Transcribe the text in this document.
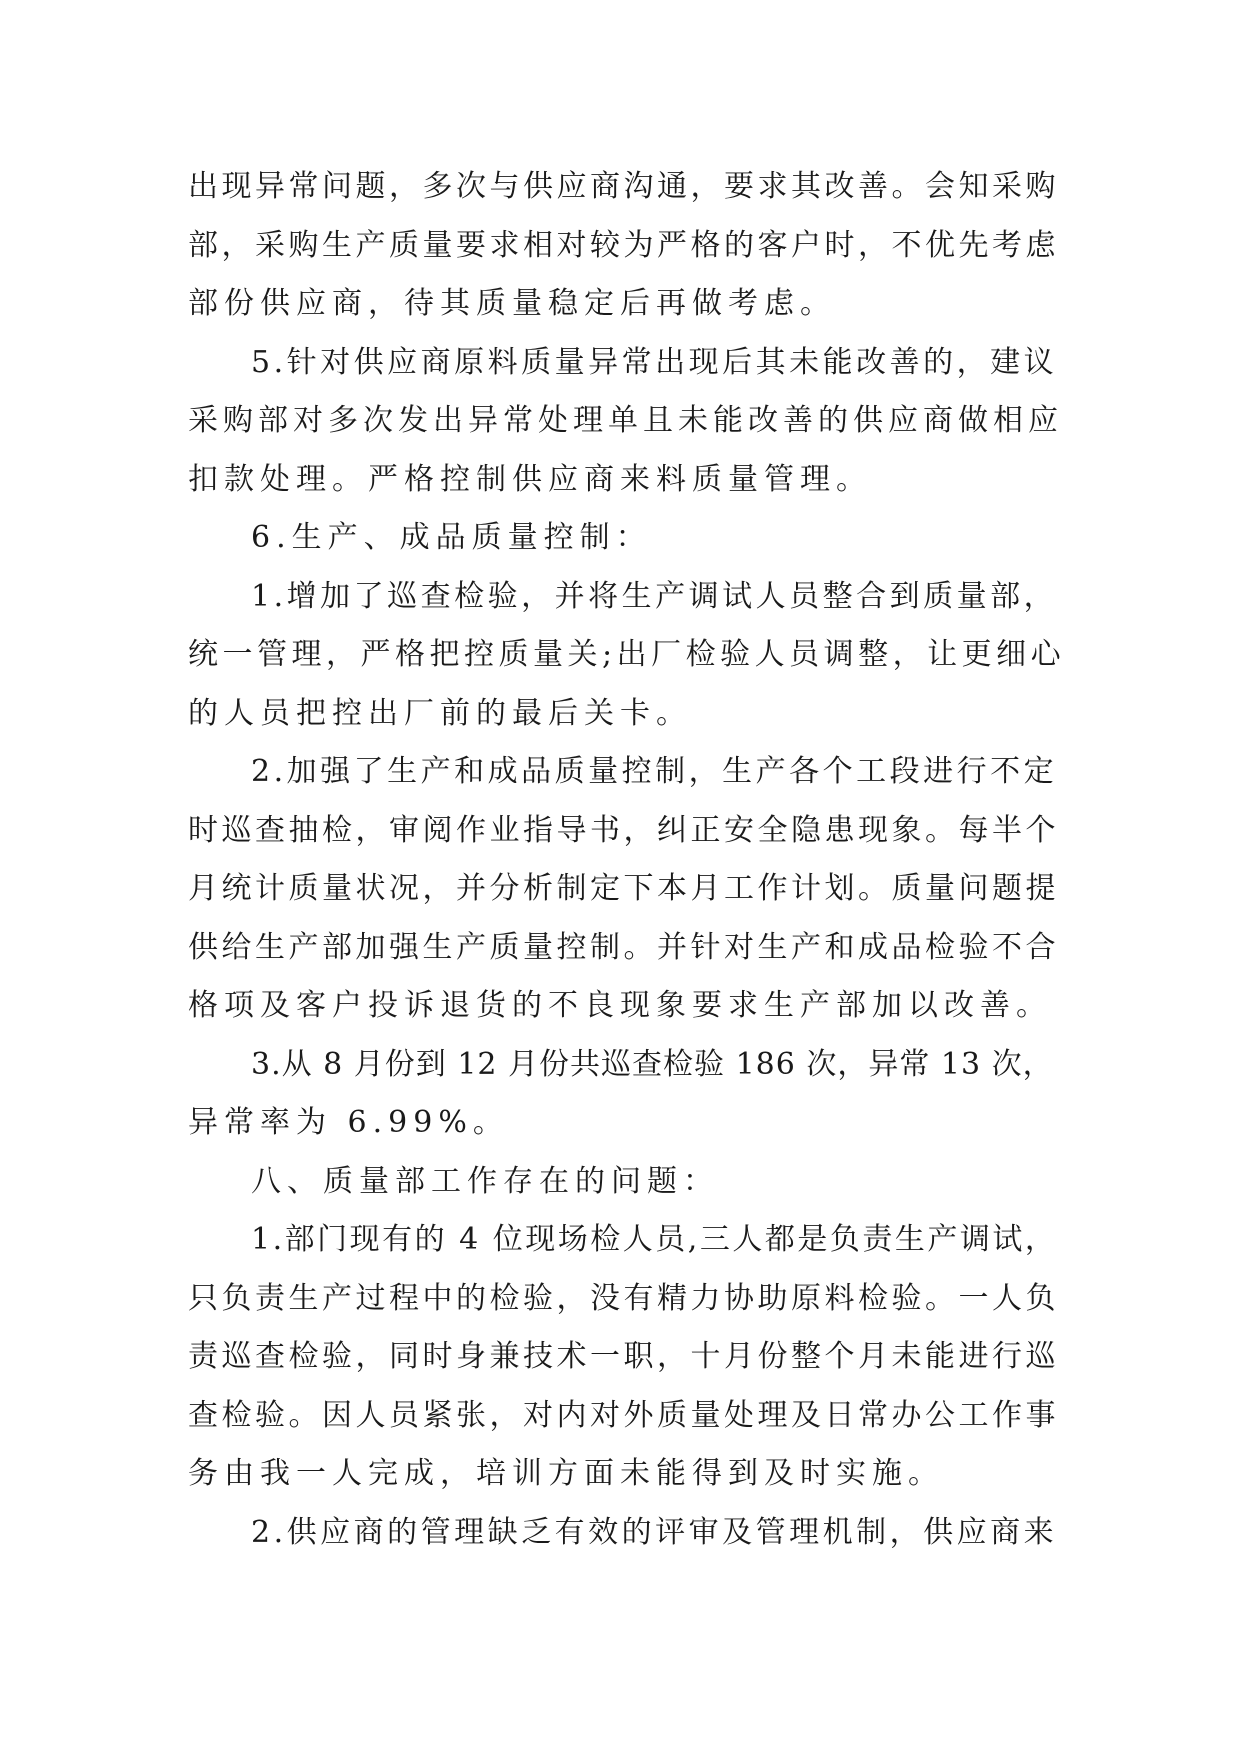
出现异常问题，多次与供应商沟通，要求其改善。会知采购
部，采购生产质量要求相对较为严格的客户时，不优先考虑
部份供应商，待其质量稳定后再做考虑。
5.针对供应商原料质量异常出现后其未能改善的，建议
采购部对多次发出异常处理单且未能改善的供应商做相应
扣款处理。严格控制供应商来料质量管理。
6.生产、成品质量控制：
1.增加了巡查检验，并将生产调试人员整合到质量部，
统一管理，严格把控质量关;出厂检验人员调整，让更细心
的人员把控出厂前的最后关卡。
2.加强了生产和成品质量控制，生产各个工段进行不定
时巡查抽检，审阅作业指导书，纠正安全隐患现象。每半个
月统计质量状况，并分析制定下本月工作计划。质量问题提
供给生产部加强生产质量控制。并针对生产和成品检验不合
格项及客户投诉退货的不良现象要求生产部加以改善。
3.从 8 月份到 12 月份共巡查检验 186 次，异常 13 次，
异常率为 6.99%。
八、质量部工作存在的问题：
1.部门现有的 4 位现场检人员,三人都是负责生产调试，
只负责生产过程中的检验，没有精力协助原料检验。一人负
责巡查检验，同时身兼技术一职，十月份整个月未能进行巡
查检验。因人员紧张，对内对外质量处理及日常办公工作事
务由我一人完成，培训方面未能得到及时实施。
2.供应商的管理缺乏有效的评审及管理机制，供应商来
